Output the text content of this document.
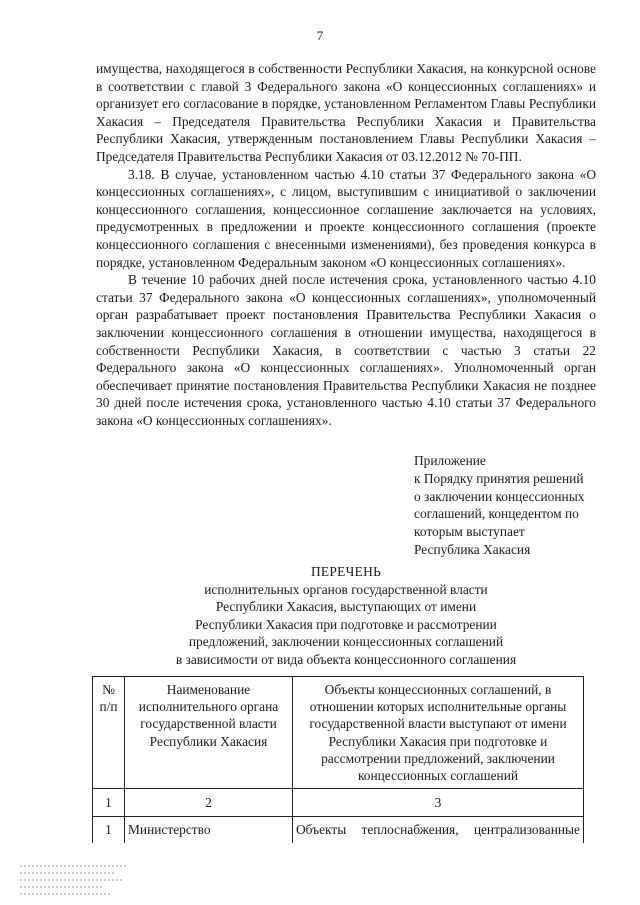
7

имущества, находящегося в собственности Республики Хакасия, на конкурсной основе в соответствии с главой 3 Федерального закона «О концессионных соглашениях» и организует его согласование в порядке, установленном Регламентом Главы Республики Хакасия – Председателя Правительства Республики Хакасия и Правительства Республики Хакасия, утвержденным постановлением Главы Республики Хакасия – Председателя Правительства Республики Хакасия от 03.12.2012 № 70-ПП.

3.18. В случае, установленном частью 4.10 статьи 37 Федерального закона «О концессионных соглашениях», с лицом, выступившим с инициативой о заключении концессионного соглашения, концессионное соглашение заключается на условиях, предусмотренных в предложении и проекте концессионного соглашения (проекте концессионного соглашения с внесенными изменениями), без проведения конкурса в порядке, установленном Федеральным законом «О концессионных соглашениях».

В течение 10 рабочих дней после истечения срока, установленного частью 4.10 статьи 37 Федерального закона «О концессионных соглашениях», уполномоченный орган разрабатывает проект постановления Правительства Республики Хакасия о заключении концессионного соглашения в отношении имущества, находящегося в собственности Республики Хакасия, в соответствии с частью 3 статьи 22 Федерального закона «О концессионных соглашениях». Уполномоченный орган обеспечивает принятие постановления Правительства Республики Хакасия не позднее 30 дней после истечения срока, установленного частью 4.10 статьи 37 Федерального закона «О концессионных соглашениях».

Приложение
к Порядку принятия решений
о заключении концессионных
соглашений, концедентом по
которым выступает
Республика Хакасия
ПЕРЕЧЕНЬ
исполнительных органов государственной власти
Республики Хакасия, выступающих от имени
Республики Хакасия при подготовке и рассмотрении
предложений, заключении концессионных соглашений
в зависимости от вида объекта концессионного соглашения
№ п/п	Наименование исполнительного органа государственной власти Республики Хакасия	Объекты концессионных соглашений, в отношении которых исполнительные органы государственной власти выступают от имени Республики Хакасия при подготовке и рассмотрении предложений, заключении концессионных соглашений
1	2	3
1	Министерство	Объекты теплоснабжения, централизованные
